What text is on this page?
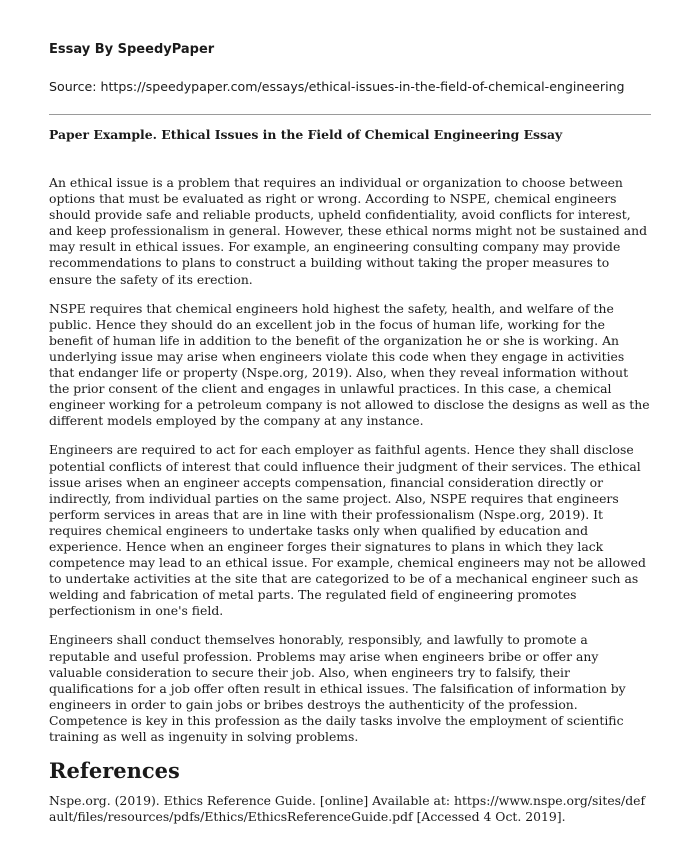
Essay By SpeedyPaper
Source: https://speedypaper.com/essays/ethical-issues-in-the-field-of-chemical-engineering
Paper Example. Ethical Issues in the Field of Chemical Engineering Essay

An ethical issue is a problem that requires an individual or organization to choose between options that must be evaluated as right or wrong. According to NSPE, chemical engineers should provide safe and reliable products, upheld confidentiality, avoid conflicts for interest, and keep professionalism in general. However, these ethical norms might not be sustained and may result in ethical issues. For example, an engineering consulting company may provide recommendations to plans to construct a building without taking the proper measures to ensure the safety of its erection.

NSPE requires that chemical engineers hold highest the safety, health, and welfare of the public. Hence they should do an excellent job in the focus of human life, working for the benefit of human life in addition to the benefit of the organization he or she is working. An underlying issue may arise when engineers violate this code when they engage in activities that endanger life or property (Nspe.org, 2019). Also, when they reveal information without the prior consent of the client and engages in unlawful practices. In this case, a chemical engineer working for a petroleum company is not allowed to disclose the designs as well as the different models employed by the company at any instance.

Engineers are required to act for each employer as faithful agents. Hence they shall disclose potential conflicts of interest that could influence their judgment of their services. The ethical issue arises when an engineer accepts compensation, financial consideration directly or indirectly, from individual parties on the same project. Also, NSPE requires that engineers perform services in areas that are in line with their professionalism (Nspe.org, 2019). It requires chemical engineers to undertake tasks only when qualified by education and experience. Hence when an engineer forges their signatures to plans in which they lack competence may lead to an ethical issue. For example, chemical engineers may not be allowed to undertake activities at the site that are categorized to be of a mechanical engineer such as welding and fabrication of metal parts. The regulated field of engineering promotes perfectionism in one's field.

Engineers shall conduct themselves honorably, responsibly, and lawfully to promote a reputable and useful profession. Problems may arise when engineers bribe or offer any valuable consideration to secure their job. Also, when engineers try to falsify, their qualifications for a job offer often result in ethical issues. The falsification of information by engineers in order to gain jobs or bribes destroys the authenticity of the profession. Competence is key in this profession as the daily tasks involve the employment of scientific training as well as ingenuity in solving problems.

References

Nspe.org. (2019). Ethics Reference Guide. [online] Available at: https://www.nspe.org/sites/default/files/resources/pdfs/Ethics/EthicsReferenceGuide.pdf [Accessed 4 Oct. 2019].
